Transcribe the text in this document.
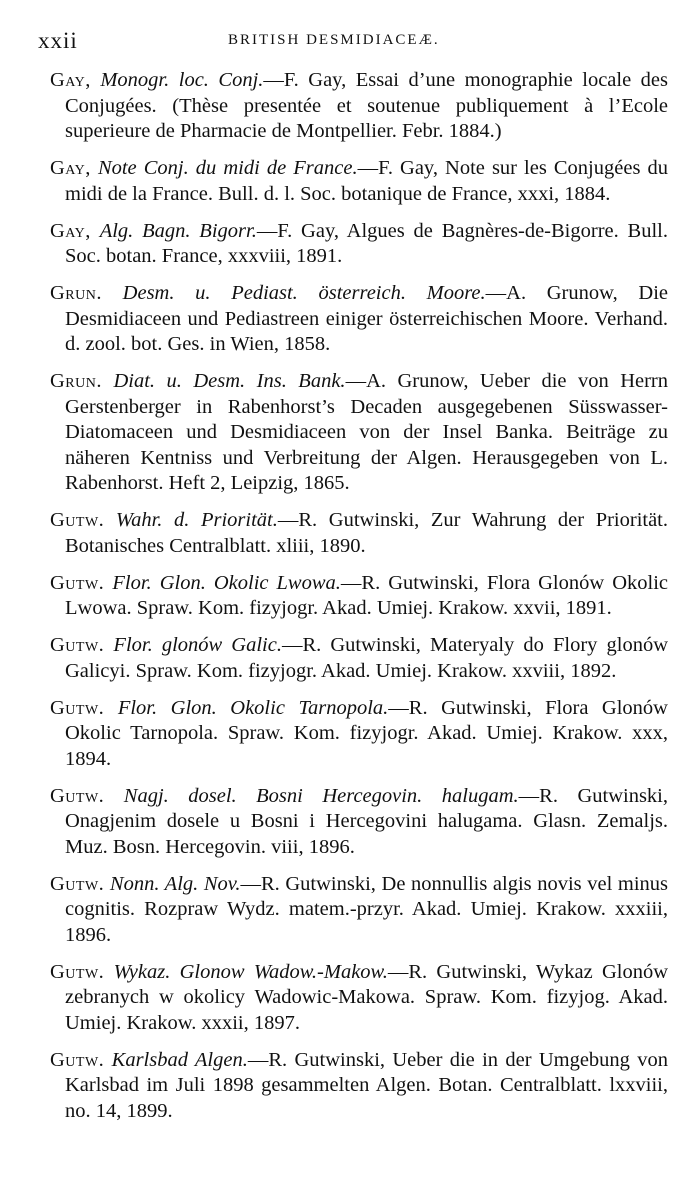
xxii	BRITISH DESMIDIACEÆ.

Gay, Monogr. loc. Conj.—F. Gay, Essai d’une monographie locale des Conjugées. (Thèse presentée et soutenue publiquement à l’Ecole superieure de Pharmacie de Montpellier. Febr. 1884.)

Gay, Note Conj. du midi de France.—F. Gay, Note sur les Conjugées du midi de la France. Bull. d. l. Soc. botanique de France, xxxi, 1884.

Gay, Alg. Bagn. Bigorr.—F. Gay, Algues de Bagnères-de-Bigorre. Bull. Soc. botan. France, xxxviii, 1891.

Grun. Desm. u. Pediast. österreich. Moore.—A. Grunow, Die Desmidiaceen und Pediastreen einiger österreichischen Moore. Verhand. d. zool. bot. Ges. in Wien, 1858.

Grun. Diat. u. Desm. Ins. Bank.—A. Grunow, Ueber die von Herrn Gerstenberger in Rabenhorst’s Decaden ausgegebenen Süsswasser-Diatomaceen und Desmidiaceen von der Insel Banka. Beiträge zu näheren Kentniss und Verbreitung der Algen. Herausgegeben von L. Rabenhorst. Heft 2, Leipzig, 1865.

Gutw. Wahr. d. Priorität.—R. Gutwinski, Zur Wahrung der Priorität. Botanisches Centralblatt. xliii, 1890.

Gutw. Flor. Glon. Okolic Lwowa.—R. Gutwinski, Flora Glonów Okolic Lwowa. Spraw. Kom. fizyjogr. Akad. Umiej. Krakow. xxvii, 1891.

Gutw. Flor. glonów Galic.—R. Gutwinski, Materyaly do Flory glonów Galicyi. Spraw. Kom. fizyjogr. Akad. Umiej. Krakow. xxviii, 1892.

Gutw. Flor. Glon. Okolic Tarnopola.—R. Gutwinski, Flora Glonów Okolic Tarnopola. Spraw. Kom. fizyjogr. Akad. Umiej. Krakow. xxx, 1894.

Gutw. Nagj. dosel. Bosni Hercegovin. halugam.—R. Gutwinski, Onagjenim dosele u Bosni i Hercegovini halugama. Glasn. Zemaljs. Muz. Bosn. Hercegovin. viii, 1896.

Gutw. Nonn. Alg. Nov.—R. Gutwinski, De nonnullis algis novis vel minus cognitis. Rozpraw Wydz. matem.-przyr. Akad. Umiej. Krakow. xxxiii, 1896.

Gutw. Wykaz. Glonow Wadow.-Makow.—R. Gutwinski, Wykaz Glonów zebranych w okolicy Wadowic-Makowa. Spraw. Kom. fizyjog. Akad. Umiej. Krakow. xxxii, 1897.

Gutw. Karlsbad Algen.—R. Gutwinski, Ueber die in der Umgebung von Karlsbad im Juli 1898 gesammelten Algen. Botan. Centralblatt. lxxviii, no. 14, 1899.
